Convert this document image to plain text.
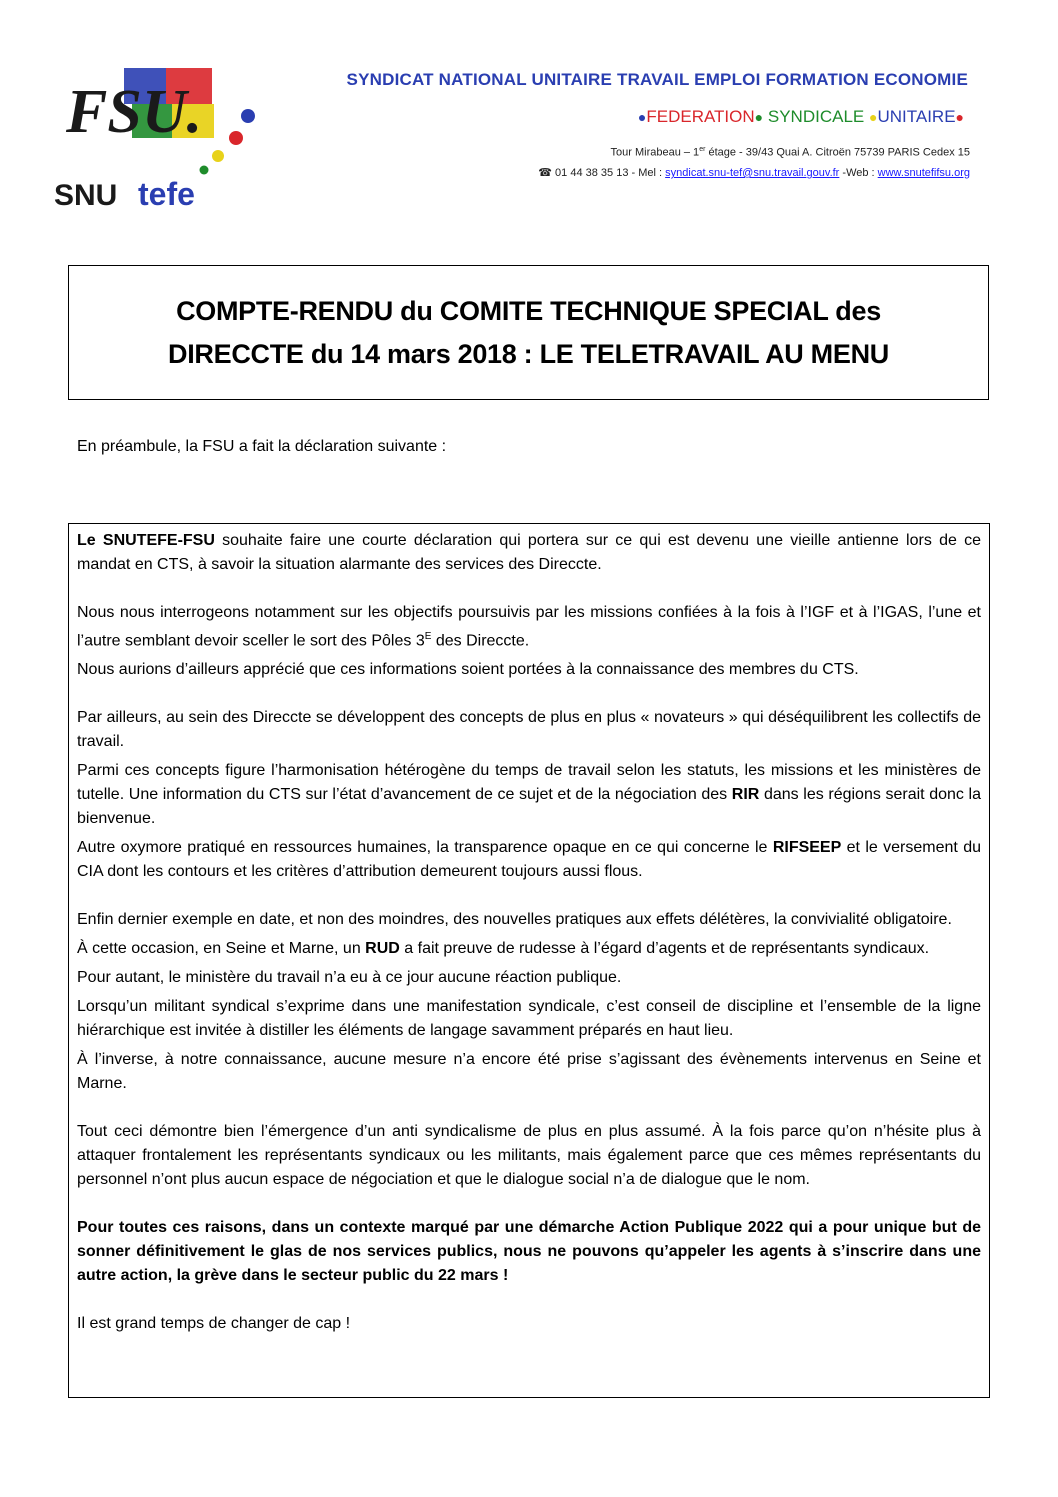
FSU.
SNU tefe
SYNDICAT NATIONAL UNITAIRE TRAVAIL EMPLOI FORMATION ECONOMIE
●FEDERATION● SYNDICALE ●UNITAIRE●
Tour Mirabeau – 1er étage - 39/43 Quai A. Citroën 75739 PARIS Cedex 15
☎ 01 44 38 35 13 - Mel : syndicat.snu-tef@snu.travail.gouv.fr -Web : www.snutefifsu.org
COMPTE-RENDU du COMITE TECHNIQUE SPECIAL des
DIRECCTE du 14 mars 2018 : LE TELETRAVAIL AU MENU
En préambule, la FSU a fait la déclaration suivante :

Le SNUTEFE-FSU souhaite faire une courte déclaration qui portera sur ce qui est devenu une vieille antienne lors de ce mandat en CTS, à savoir la situation alarmante des services des Direccte.

Nous nous interrogeons notamment sur les objectifs poursuivis par les missions confiées à la fois à l’IGF et à l’IGAS, l’une et l’autre semblant devoir sceller le sort des Pôles $3^E$ des Direccte.

Nous aurions d’ailleurs apprécié que ces informations soient portées à la connaissance des membres du CTS.

Par ailleurs, au sein des Direccte se développent des concepts de plus en plus « novateurs » qui déséquilibrent les collectifs de travail.

Parmi ces concepts figure l’harmonisation hétérogène du temps de travail selon les statuts, les missions et les ministères de tutelle. Une information du CTS sur l’état d’avancement de ce sujet et de la négociation des RIR dans les régions serait donc la bienvenue.

Autre oxymore pratiqué en ressources humaines, la transparence opaque en ce qui concerne le RIFSEEP et le versement du CIA dont les contours et les critères d’attribution demeurent toujours aussi flous.

Enfin dernier exemple en date, et non des moindres, des nouvelles pratiques aux effets délétères, la convivialité obligatoire.

À cette occasion, en Seine et Marne, un RUD a fait preuve de rudesse à l’égard d’agents et de représentants syndicaux.

Pour autant, le ministère du travail n’a eu à ce jour aucune réaction publique.

Lorsqu’un militant syndical s’exprime dans une manifestation syndicale, c’est conseil de discipline et l’ensemble de la ligne hiérarchique est invitée à distiller les éléments de langage savamment préparés en haut lieu.

À l’inverse, à notre connaissance, aucune mesure n’a encore été prise s’agissant des évènements intervenus en Seine et Marne.

Tout ceci démontre bien l’émergence d’un anti syndicalisme de plus en plus assumé. À la fois parce qu’on n’hésite plus à attaquer frontalement les représentants syndicaux ou les militants, mais également parce que ces mêmes représentants du personnel n’ont plus aucun espace de négociation et que le dialogue social n’a de dialogue que le nom.

Pour toutes ces raisons, dans un contexte marqué par une démarche Action Publique 2022 qui a pour unique but de sonner définitivement le glas de nos services publics, nous ne pouvons qu’appeler les agents à s’inscrire dans une autre action, la grève dans le secteur public du 22 mars !

Il est grand temps de changer de cap !
